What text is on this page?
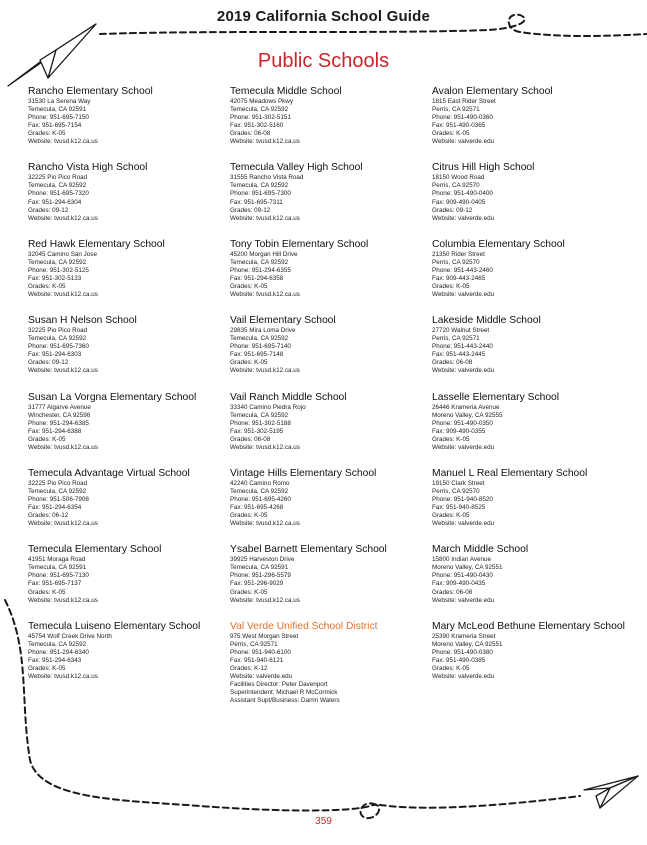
2019 California School Guide
Public Schools
Rancho Elementary School
31530 La Serena Way
Temecula, CA 92591
Phone: 951-695-7150
Fax: 951-695-7154
Grades: K-05
Website: tvusd.k12.ca.us
Rancho Vista High School
32225 Pio Pico Road
Temecula, CA 92592
Phone: 951-695-7320
Fax: 951-294-6304
Grades: 09-12
Website: tvusd.k12.ca.us
Red Hawk Elementary School
32045 Camino San Jose
Temecula, CA 92592
Phone: 951-302-5125
Fax: 951-302-5133
Grades: K-05
Website: tvusd.k12.ca.us
Susan H Nelson School
32225 Pio Pico Road
Temecula, CA 92592
Phone: 951-695-7360
Fax: 951-294-6303
Grades: 09-12
Website: tvusd.k12.ca.us
Susan La Vorgna Elementary School
31777 Algarve Avenue
Winchester, CA 92596
Phone: 951-294-6385
Fax: 951-294-6388
Grades: K-05
Website: tvusd.k12.ca.us
Temecula Advantage Virtual School
32225 Pio Pico Road
Temecula, CA 92592
Phone: 951-506-7908
Fax: 951-294-6354
Grades: 06-12
Website: tvusd.k12.ca.us
Temecula Elementary School
41951 Moraga Road
Temecula, CA 92591
Phone: 951-695-7130
Fax: 951-695-7137
Grades: K-05
Website: tvusd.k12.ca.us
Temecula Luiseno Elementary School
45754 Wolf Creek Drive North
Temecula, CA 92592
Phone: 951-294-6340
Fax: 951-294-6343
Grades: K-05
Website: tvusd.k12.ca.us
Temecula Middle School
42075 Meadows Pkwy
Temecula, CA 92592
Phone: 951-302-5151
Fax: 951-302-5160
Grades: 06-08
Website: tvusd.k12.ca.us
Temecula Valley High School
31555 Rancho Vista Road
Temecula, CA 92592
Phone: 951-695-7300
Fax: 951-695-7311
Grades: 09-12
Website: tvusd.k12.ca.us
Tony Tobin Elementary School
45200 Morgan Hill Drive
Temecula, CA 92592
Phone: 951-294-6355
Fax: 951-294-6358
Grades: K-05
Website: tvusd.k12.ca.us
Vail Elementary School
29835 Mira Loma Drive
Temecula, CA 92592
Phone: 951-695-7140
Fax: 951-695-7148
Grades: K-05
Website: tvusd.k12.ca.us
Vail Ranch Middle School
33340 Camino Piedra Rojo
Temecula, CA 92592
Phone: 951-302-5188
Fax: 951-302-5195
Grades: 06-08
Website: tvusd.k12.ca.us
Vintage Hills Elementary School
42240 Camino Romo
Temecula, CA 92592
Phone: 951-695-4260
Fax: 951-695-4268
Grades: K-05
Website: tvusd.k12.ca.us
Ysabel Barnett Elementary School
39925 Harveston Drive
Temecula, CA 92591
Phone: 951-296-5579
Fax: 951-296-9029
Grades: K-05
Website: tvusd.k12.ca.us
Val Verde Unified School District
975 West Morgan Street
Perris, CA 92571
Phone: 951-940-6100
Fax: 951-940-6121
Grades: K-12
Website: valverde.edu
Facilities Director: Peter Davenport
Superintendent: Michael R McCormick
Assistant Supt/Business: Darrin Waters
Avalon Elementary School
1815 East Rider Street
Perris, CA 92571
Phone: 951-490-0360
Fax: 951-490-0365
Grades: K-05
Website: valverde.edu
Citrus Hill High School
18150 Wood Road
Perris, CA 92570
Phone: 951-490-0400
Fax: 909-490-0405
Grades: 09-12
Website: valverde.edu
Columbia Elementary School
21350 Rider Street
Perris, CA 92570
Phone: 951-443-2460
Fax: 909-443-2465
Grades: K-05
Website: valverde.edu
Lakeside Middle School
27720 Walnut Street
Perris, CA 92571
Phone: 951-443-2440
Fax: 951-443-2445
Grades: 06-08
Website: valverde.edu
Lasselle Elementary School
26446 Krameria Avenue
Moreno Valley, CA 92555
Phone: 951-490-0350
Fax: 909-490-0355
Grades: K-05
Website: valverde.edu
Manuel L Real Elementary School
19150 Clark Street
Perris, CA 92570
Phone: 951-940-8520
Fax: 951-940-8525
Grades: K-05
Website: valverde.edu
March Middle School
15800 Indian Avenue
Moreno Valley, CA 92551
Phone: 951-490-0430
Fax: 909-490-0435
Grades: 06-08
Website: valverde.edu
Mary McLeod Bethune Elementary School
25390 Krameria Street
Moreno Valley, CA 92551
Phone: 951-490-0380
Fax: 951-490-0385
Grades: K-05
Website: valverde.edu
359
